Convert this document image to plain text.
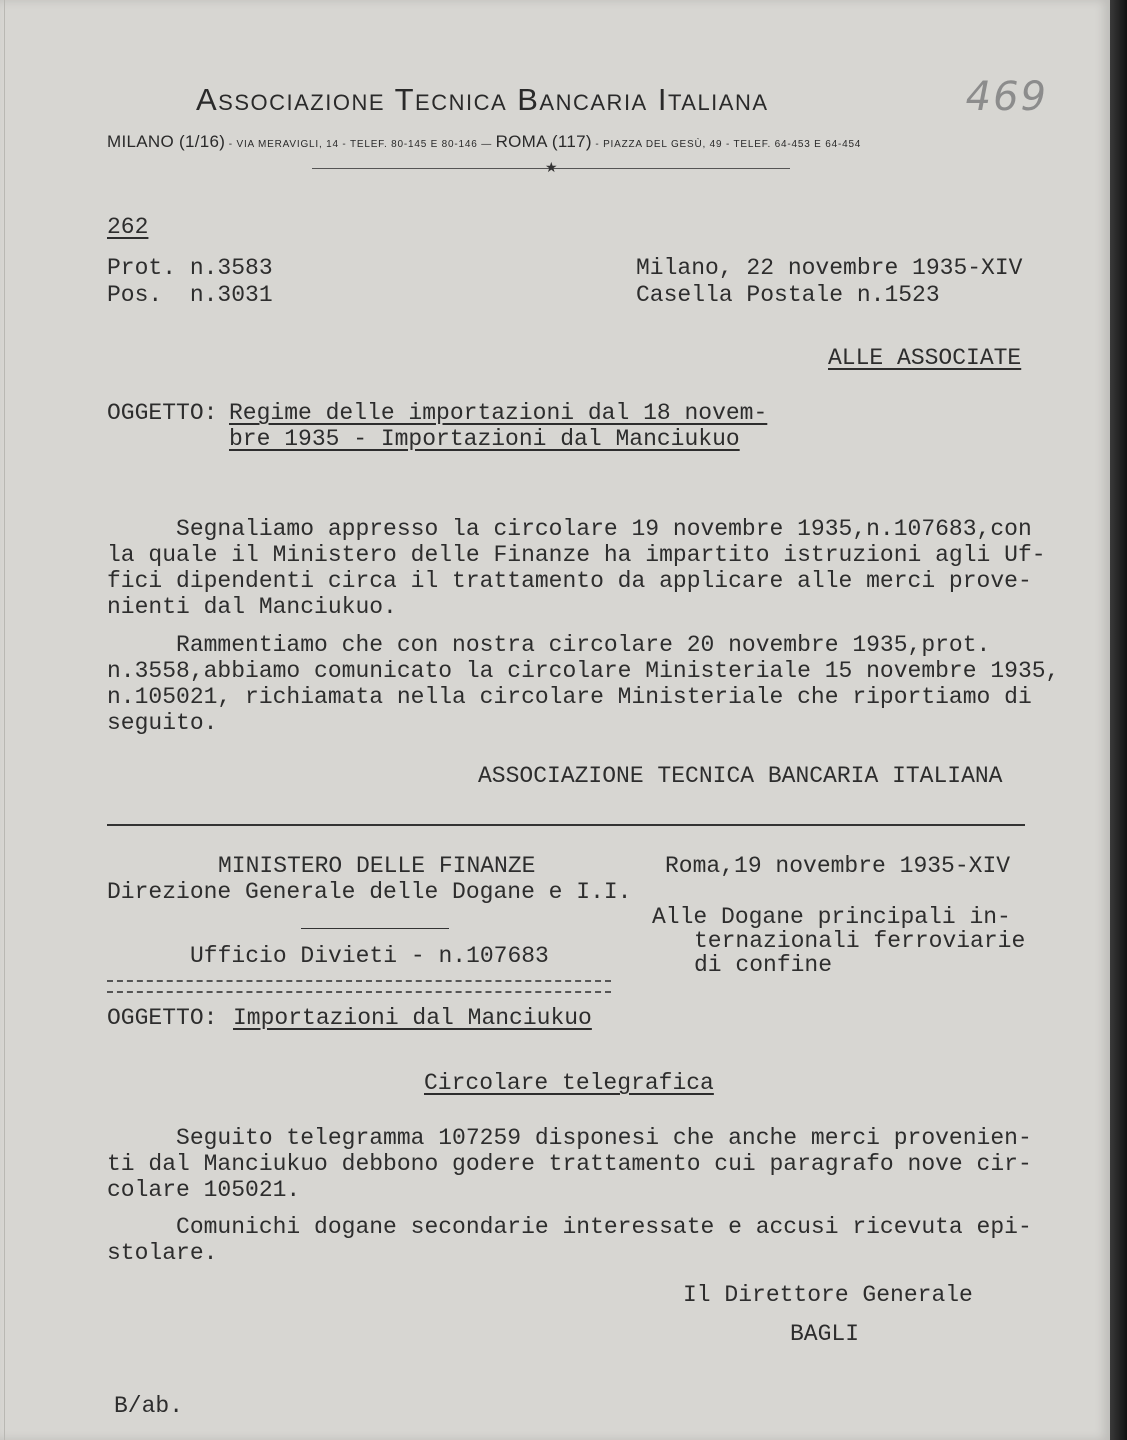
Associazione Tecnica Bancaria Italiana
MILANO (1/16) - VIA MERAVIGLI, 14 - TELEF. 80-145 E 80-146 — ROMA (117) - PIAZZA DEL GESÙ, 49 - TELEF. 64-453 E 64-454
★
469
262
Prot. n.3583
Pos.  n.3031
Milano, 22 novembre 1935-XIV
Casella Postale n.1523
ALLE ASSOCIATE
OGGETTO: Regime delle importazioni dal 18 novem-
bre 1935 - Importazioni dal Manciukuo
Segnaliamo appresso la circolare 19 novembre 1935,n.107683,con
la quale il Ministero delle Finanze ha impartito istruzioni agli Uf-
fici dipendenti circa il trattamento da applicare alle merci prove-
nienti dal Manciukuo.
Rammentiamo che con nostra circolare 20 novembre 1935,prot.
n.3558,abbiamo comunicato la circolare Ministeriale 15 novembre 1935,
n.105021, richiamata nella circolare Ministeriale che riportiamo di
seguito.
ASSOCIAZIONE TECNICA BANCARIA ITALIANA
MINISTERO DELLE FINANZE
Direzione Generale delle Dogane e I.I.
Ufficio Divieti - n.107683
Roma,19 novembre 1935-XIV
Alle Dogane principali in-
ternazionali ferroviarie
di confine
OGGETTO: Importazioni dal Manciukuo
Circolare telegrafica
Seguito telegramma 107259 disponesi che anche merci provenien-
ti dal Manciukuo debbono godere trattamento cui paragrafo nove cir-
colare 105021.
Comunichi dogane secondarie interessate e accusi ricevuta epi-
stolare.
Il Direttore Generale
BAGLI
B/ab.
